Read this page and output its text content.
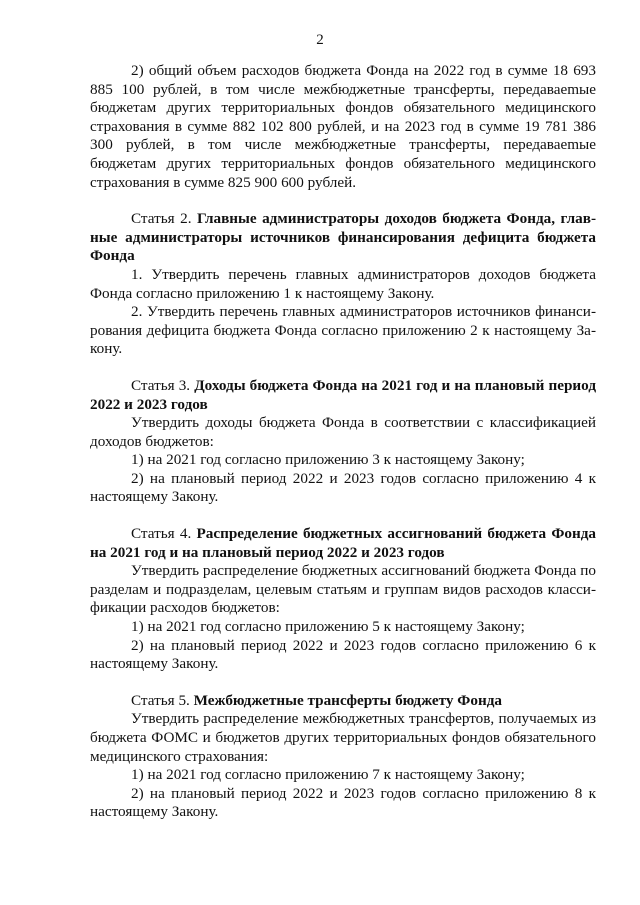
2

2) общий объем расходов бюджета Фонда на 2022 год в сумме 18 693 885 100 рублей, в том числе межбюджетные трансферты, передаваеmые бюджетам других территориальных фондов обязательного медицинского страхования в сумме 882 102 800 рублей, и на 2023 год в сумме 19 781 386 300 рублей, в том числе межбюджетные трансферты, передаваеmые бюджетам других территориальных фондов обязательного медицинского страхования в сумме 825 900 600 рублей.

Статья 2. Главные администраторы доходов бюджета Фонда, главные администраторы источников финансирования дефицита бюджета Фонда

1. Утвердить перечень главных администраторов доходов бюджета Фонда согласно приложению 1 к настоящему Закону.

2. Утвердить перечень главных администраторов источников финансирования дефицита бюджета Фонда согласно приложению 2 к настоящему Закону.

Статья 3. Доходы бюджета Фонда на 2021 год и на плановый период 2022 и 2023 годов

Утвердить доходы бюджета Фонда в соответствии с классификацией доходов бюджетов:

1) на 2021 год согласно приложению 3 к настоящему Закону;

2) на плановый период 2022 и 2023 годов согласно приложению 4 к настоящему Закону.

Статья 4. Распределение бюджетных ассигнований бюджета Фонда на 2021 год и на плановый период 2022 и 2023 годов

Утвердить распределение бюджетных ассигнований бюджета Фонда по разделам и подразделам, целевым статьям и группам видов расходов классификации расходов бюджетов:

1) на 2021 год согласно приложению 5 к настоящему Закону;

2) на плановый период 2022 и 2023 годов согласно приложению 6 к настоящему Закону.

Статья 5. Межбюджетные трансферты бюджету Фонда

Утвердить распределение межбюджетных трансфертов, получаемых из бюджета ФОМС и бюджетов других территориальных фондов обязательного медицинского страхования:

1) на 2021 год согласно приложению 7 к настоящему Закону;

2) на плановый период 2022 и 2023 годов согласно приложению 8 к настоящему Закону.
